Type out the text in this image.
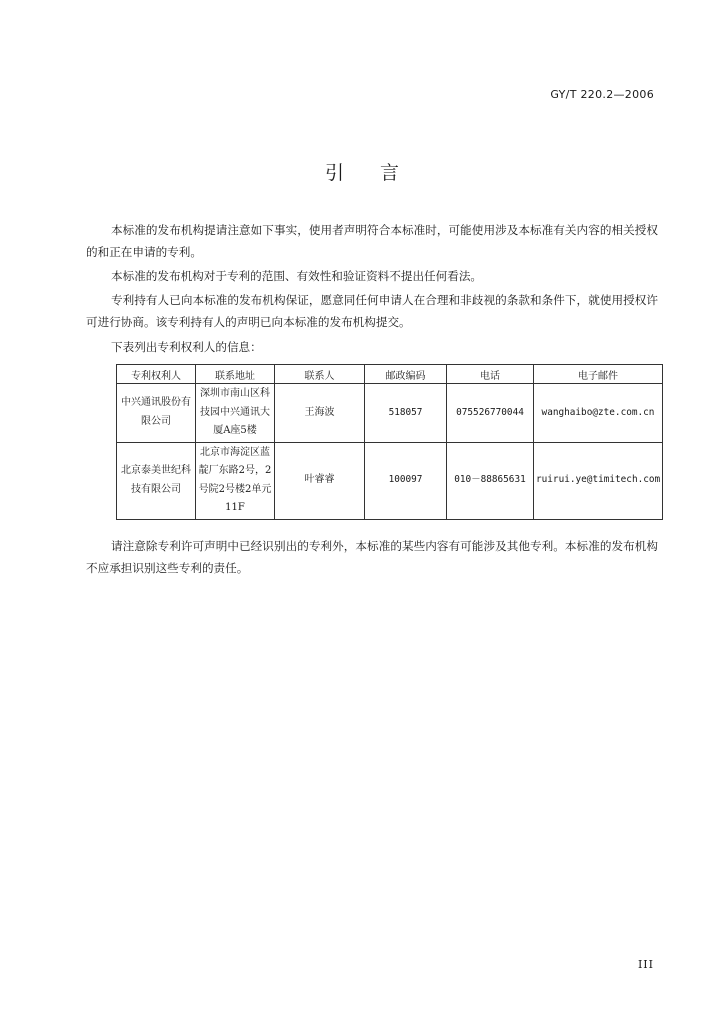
GY/T 220.2—2006
引 言

本标准的发布机构提请注意如下事实，使用者声明符合本标准时，可能使用涉及本标准有关内容的相关授权的和正在申请的专利。

本标准的发布机构对于专利的范围、有效性和验证资料不提出任何看法。

专利持有人已向本标准的发布机构保证，愿意同任何申请人在合理和非歧视的条款和条件下，就使用授权许可进行协商。该专利持有人的声明已向本标准的发布机构提交。

下表列出专利权利人的信息：

专利权利人	联系地址	联系人	邮政编码	电话	电子邮件
中兴通讯股份有限公司	深圳市南山区科技园中兴通讯大厦A座5楼	王海波	518057	075526770044	wanghaibo@zte.com.cn
北京泰美世纪科技有限公司	北京市海淀区蓝靛厂东路2号，2号院2号楼2单元11F	叶睿睿	100097	010－88865631	ruirui.ye@timitech.com

请注意除专利许可声明中已经识别出的专利外，本标准的某些内容有可能涉及其他专利。本标准的发布机构不应承担识别这些专利的责任。

III
